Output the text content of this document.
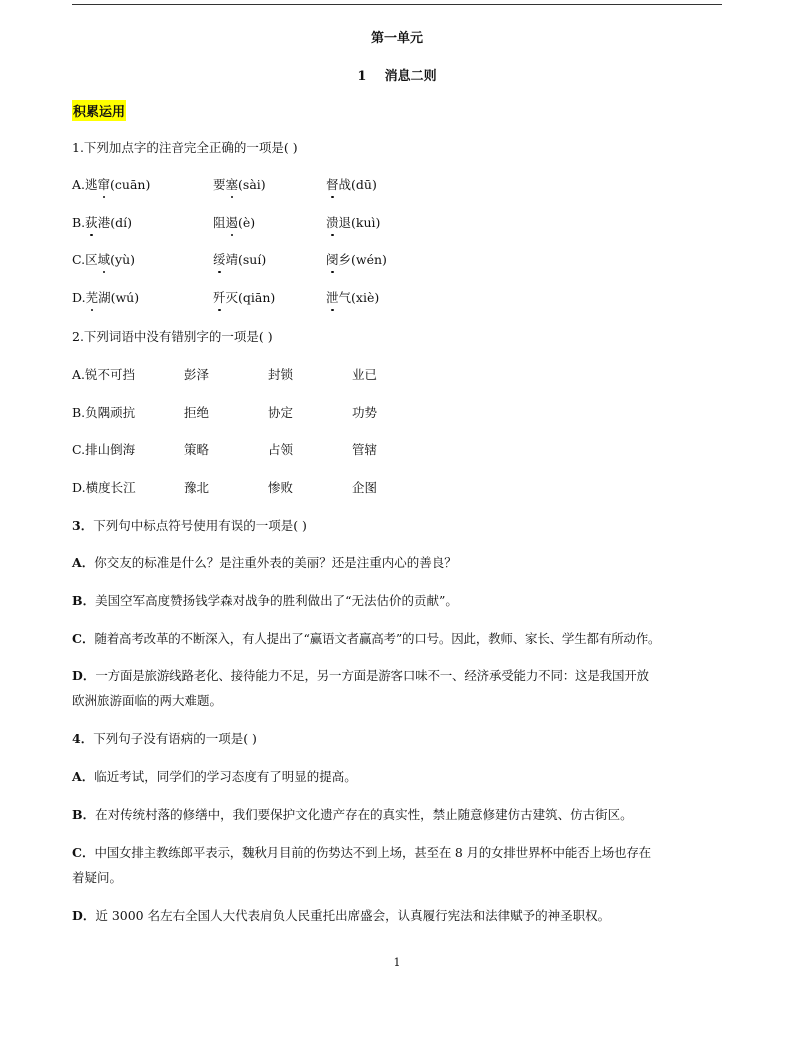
第一单元
1 消息二则
积累运用
1.下列加点字的注音完全正确的一项是( )
A.逃窜(cuān)	要塞(sài)	督战(dū)
B.荻港(dí)	阻遏(è)	溃退(kuì)
C.区域(yù)	绥靖(suí)	阌乡(wén)
D.芜湖(wú)	歼灭(qiān)	泄气(xiè)
2.下列词语中没有错别字的一项是( )
A.锐不可挡	彭泽	封锁	业已
B.负隅顽抗	拒绝	协定	功势
C.排山倒海	策略	占领	管辖
D.横度长江	豫北	惨败	企图
3．下列句中标点符号使用有误的一项是( )
A．你交友的标准是什么？是注重外表的美丽？还是注重内心的善良？
B．美国空军高度赞扬钱学森对战争的胜利做出了“无法估价的贡献”。
C．随着高考改革的不断深入，有人提出了“赢语文者赢高考”的口号。因此，教师、家长、学生都有所动作。
D．一方面是旅游线路老化、接待能力不足，另一方面是游客口味不一、经济承受能力不同：这是我国开放
欧洲旅游面临的两大难题。
4．下列句子没有语病的一项是( )
A．临近考试，同学们的学习态度有了明显的提高。
B．在对传统村落的修缮中，我们要保护文化遗产存在的真实性，禁止随意修建仿古建筑、仿古街区。
C．中国女排主教练郎平表示，魏秋月目前的伤势达不到上场，甚至在 8 月的女排世界杯中能否上场也存在
着疑问。
D．近 3000 名左右全国人大代表肩负人民重托出席盛会，认真履行宪法和法律赋予的神圣职权。
1
